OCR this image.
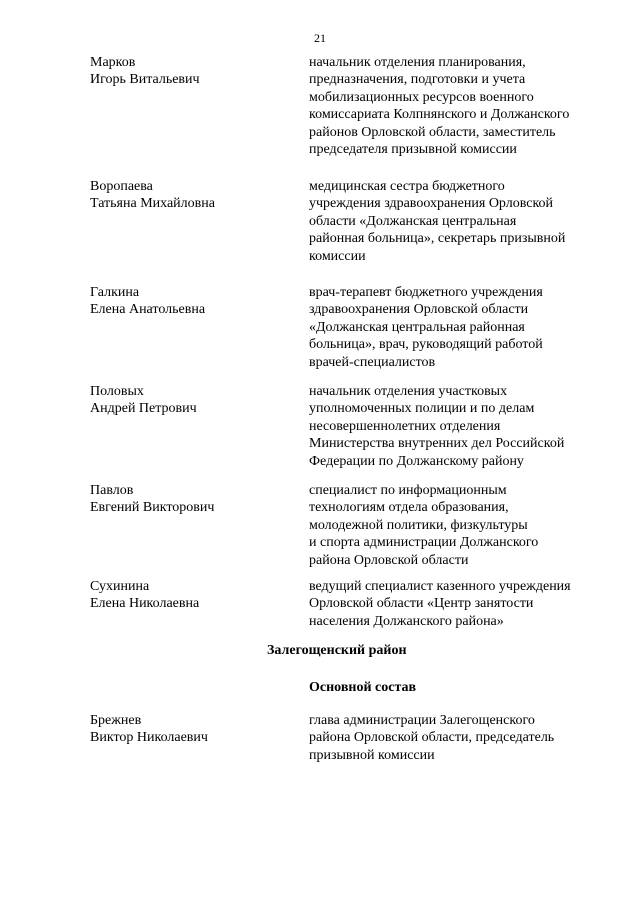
21
Марков
Игорь Витальевич
начальник отделения планирования,
предназначения, подготовки и учета
мобилизационных ресурсов военного
комиссариата Колпнянского и Должанского
районов Орловской области, заместитель
председателя призывной комиссии
Воропаева
Татьяна Михайловна
медицинская сестра бюджетного
учреждения здравоохранения Орловской
области «Должанская центральная
районная больница», секретарь призывной
комиссии
Галкина
Елена Анатольевна
врач-терапевт бюджетного учреждения
здравоохранения Орловской области
«Должанская центральная районная
больница», врач, руководящий работой
врачей-специалистов
Половых
Андрей Петрович
начальник отделения участковых
уполномоченных полиции и по делам
несовершеннолетних отделения
Министерства внутренних дел Российской
Федерации по Должанскому району
Павлов
Евгений Викторович
специалист по информационным
технологиям отдела образования,
молодежной политики, физкультуры
и спорта администрации Должанского
района Орловской области
Сухинина
Елена Николаевна
ведущий специалист казенного учреждения
Орловской области «Центр занятости
населения Должанского района»
Залегощенский район
Основной состав
Брежнев
Виктор Николаевич
глава администрации Залегощенского
района Орловской области, председатель
призывной комиссии
